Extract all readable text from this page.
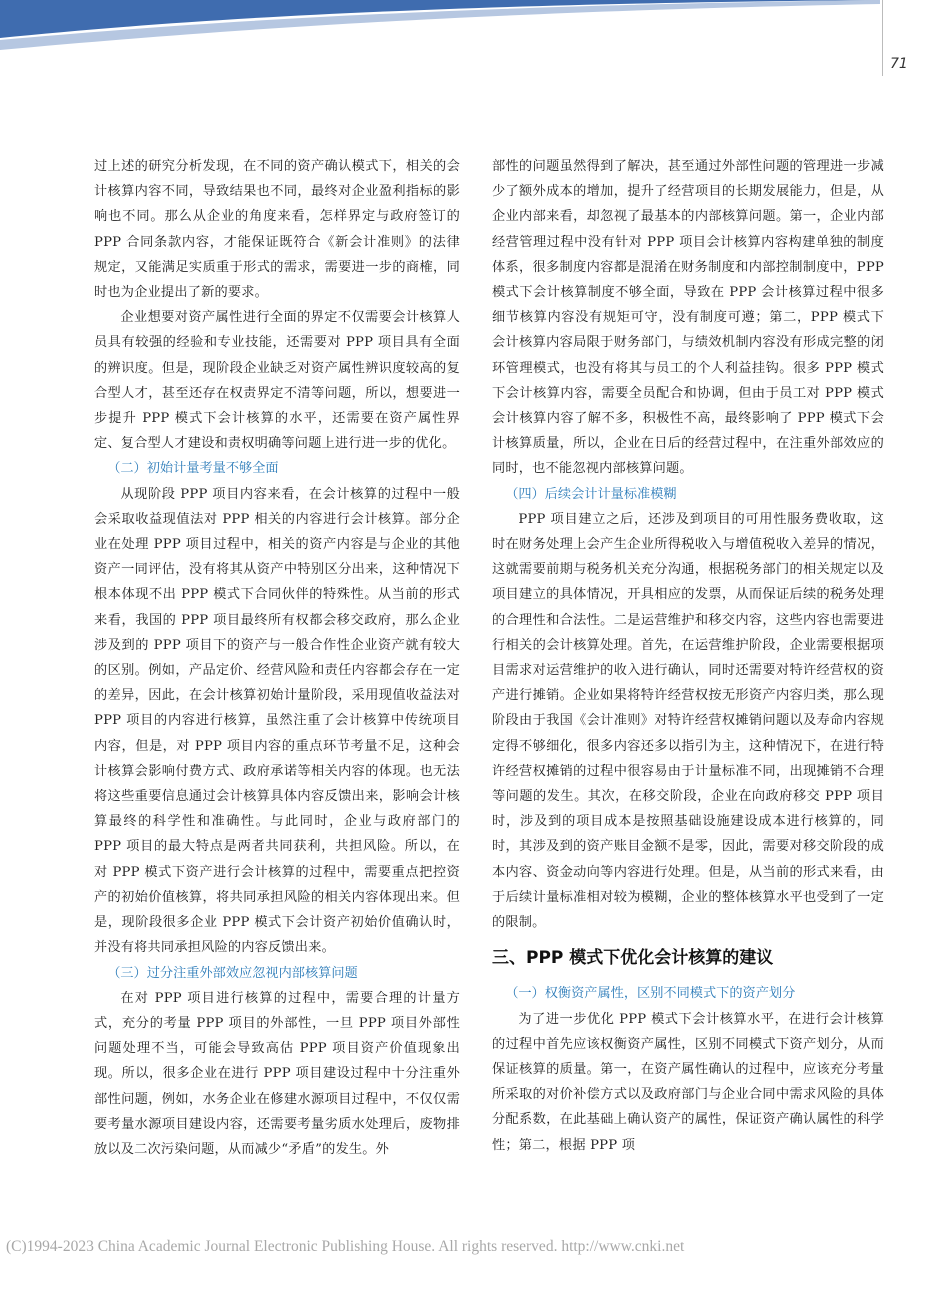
71

过上述的研究分析发现，在不同的资产确认模式下，相关的会计核算内容不同，导致结果也不同，最终对企业盈利指标的影响也不同。那么从企业的角度来看，怎样界定与政府签订的 PPP 合同条款内容，才能保证既符合《新会计准则》的法律规定，又能满足实质重于形式的需求，需要进一步的商榷，同时也为企业提出了新的要求。

企业想要对资产属性进行全面的界定不仅需要会计核算人员具有较强的经验和专业技能，还需要对 PPP 项目具有全面的辨识度。但是，现阶段企业缺乏对资产属性辨识度较高的复合型人才，甚至还存在权责界定不清等问题，所以，想要进一步提升 PPP 模式下会计核算的水平，还需要在资产属性界定、复合型人才建设和责权明确等问题上进行进一步的优化。

（二）初始计量考量不够全面

从现阶段 PPP 项目内容来看，在会计核算的过程中一般会采取收益现值法对 PPP 相关的内容进行会计核算。部分企业在处理 PPP 项目过程中，相关的资产内容是与企业的其他资产一同评估，没有将其从资产中特别区分出来，这种情况下根本体现不出 PPP 模式下合同伙伴的特殊性。从当前的形式来看，我国的 PPP 项目最终所有权都会移交政府，那么企业涉及到的 PPP 项目下的资产与一般合作性企业资产就有较大的区别。例如，产品定价、经营风险和责任内容都会存在一定的差异，因此，在会计核算初始计量阶段，采用现值收益法对 PPP 项目的内容进行核算，虽然注重了会计核算中传统项目内容，但是，对 PPP 项目内容的重点环节考量不足，这种会计核算会影响付费方式、政府承诺等相关内容的体现。也无法将这些重要信息通过会计核算具体内容反馈出来，影响会计核算最终的科学性和准确性。与此同时，企业与政府部门的 PPP 项目的最大特点是两者共同获利，共担风险。所以，在对 PPP 模式下资产进行会计核算的过程中，需要重点把控资产的初始价值核算，将共同承担风险的相关内容体现出来。但是，现阶段很多企业 PPP 模式下会计资产初始价值确认时，并没有将共同承担风险的内容反馈出来。

（三）过分注重外部效应忽视内部核算问题

在对 PPP 项目进行核算的过程中，需要合理的计量方式，充分的考量 PPP 项目的外部性，一旦 PPP 项目外部性问题处理不当，可能会导致高估 PPP 项目资产价值现象出现。所以，很多企业在进行 PPP 项目建设过程中十分注重外部性问题，例如，水务企业在修建水源项目过程中，不仅仅需要考量水源项目建设内容，还需要考量劣质水处理后，废物排放以及二次污染问题，从而减少“矛盾”的发生。外

部性的问题虽然得到了解决，甚至通过外部性问题的管理进一步减少了额外成本的增加，提升了经营项目的长期发展能力，但是，从企业内部来看，却忽视了最基本的内部核算问题。第一，企业内部经营管理过程中没有针对 PPP 项目会计核算内容构建单独的制度体系，很多制度内容都是混淆在财务制度和内部控制制度中，PPP 模式下会计核算制度不够全面，导致在 PPP 会计核算过程中很多细节核算内容没有规矩可守，没有制度可遵；第二，PPP 模式下会计核算内容局限于财务部门，与绩效机制内容没有形成完整的闭环管理模式，也没有将其与员工的个人利益挂钩。很多 PPP 模式下会计核算内容，需要全员配合和协调，但由于员工对 PPP 模式会计核算内容了解不多，积极性不高，最终影响了 PPP 模式下会计核算质量，所以，企业在日后的经营过程中，在注重外部效应的同时，也不能忽视内部核算问题。

（四）后续会计计量标准模糊

PPP 项目建立之后，还涉及到项目的可用性服务费收取，这时在财务处理上会产生企业所得税收入与增值税收入差异的情况，这就需要前期与税务机关充分沟通，根据税务部门的相关规定以及项目建立的具体情况，开具相应的发票，从而保证后续的税务处理的合理性和合法性。二是运营维护和移交内容，这些内容也需要进行相关的会计核算处理。首先，在运营维护阶段，企业需要根据项目需求对运营维护的收入进行确认，同时还需要对特许经营权的资产进行摊销。企业如果将特许经营权按无形资产内容归类，那么现阶段由于我国《会计准则》对特许经营权摊销问题以及寿命内容规定得不够细化，很多内容还多以指引为主，这种情况下，在进行特许经营权摊销的过程中很容易由于计量标准不同，出现摊销不合理等问题的发生。其次，在移交阶段，企业在向政府移交 PPP 项目时，涉及到的项目成本是按照基础设施建设成本进行核算的，同时，其涉及到的资产账目金额不是零，因此，需要对移交阶段的成本内容、资金动向等内容进行处理。但是，从当前的形式来看，由于后续计量标准相对较为模糊，企业的整体核算水平也受到了一定的限制。

三、PPP 模式下优化会计核算的建议

（一）权衡资产属性，区别不同模式下的资产划分

为了进一步优化 PPP 模式下会计核算水平，在进行会计核算的过程中首先应该权衡资产属性，区别不同模式下资产划分，从而保证核算的质量。第一，在资产属性确认的过程中，应该充分考量所采取的对价补偿方式以及政府部门与企业合同中需求风险的具体分配系数，在此基础上确认资产的属性，保证资产确认属性的科学性；第二，根据 PPP 项

(C)1994-2023 China Academic Journal Electronic Publishing House. All rights reserved. http://www.cnki.net
